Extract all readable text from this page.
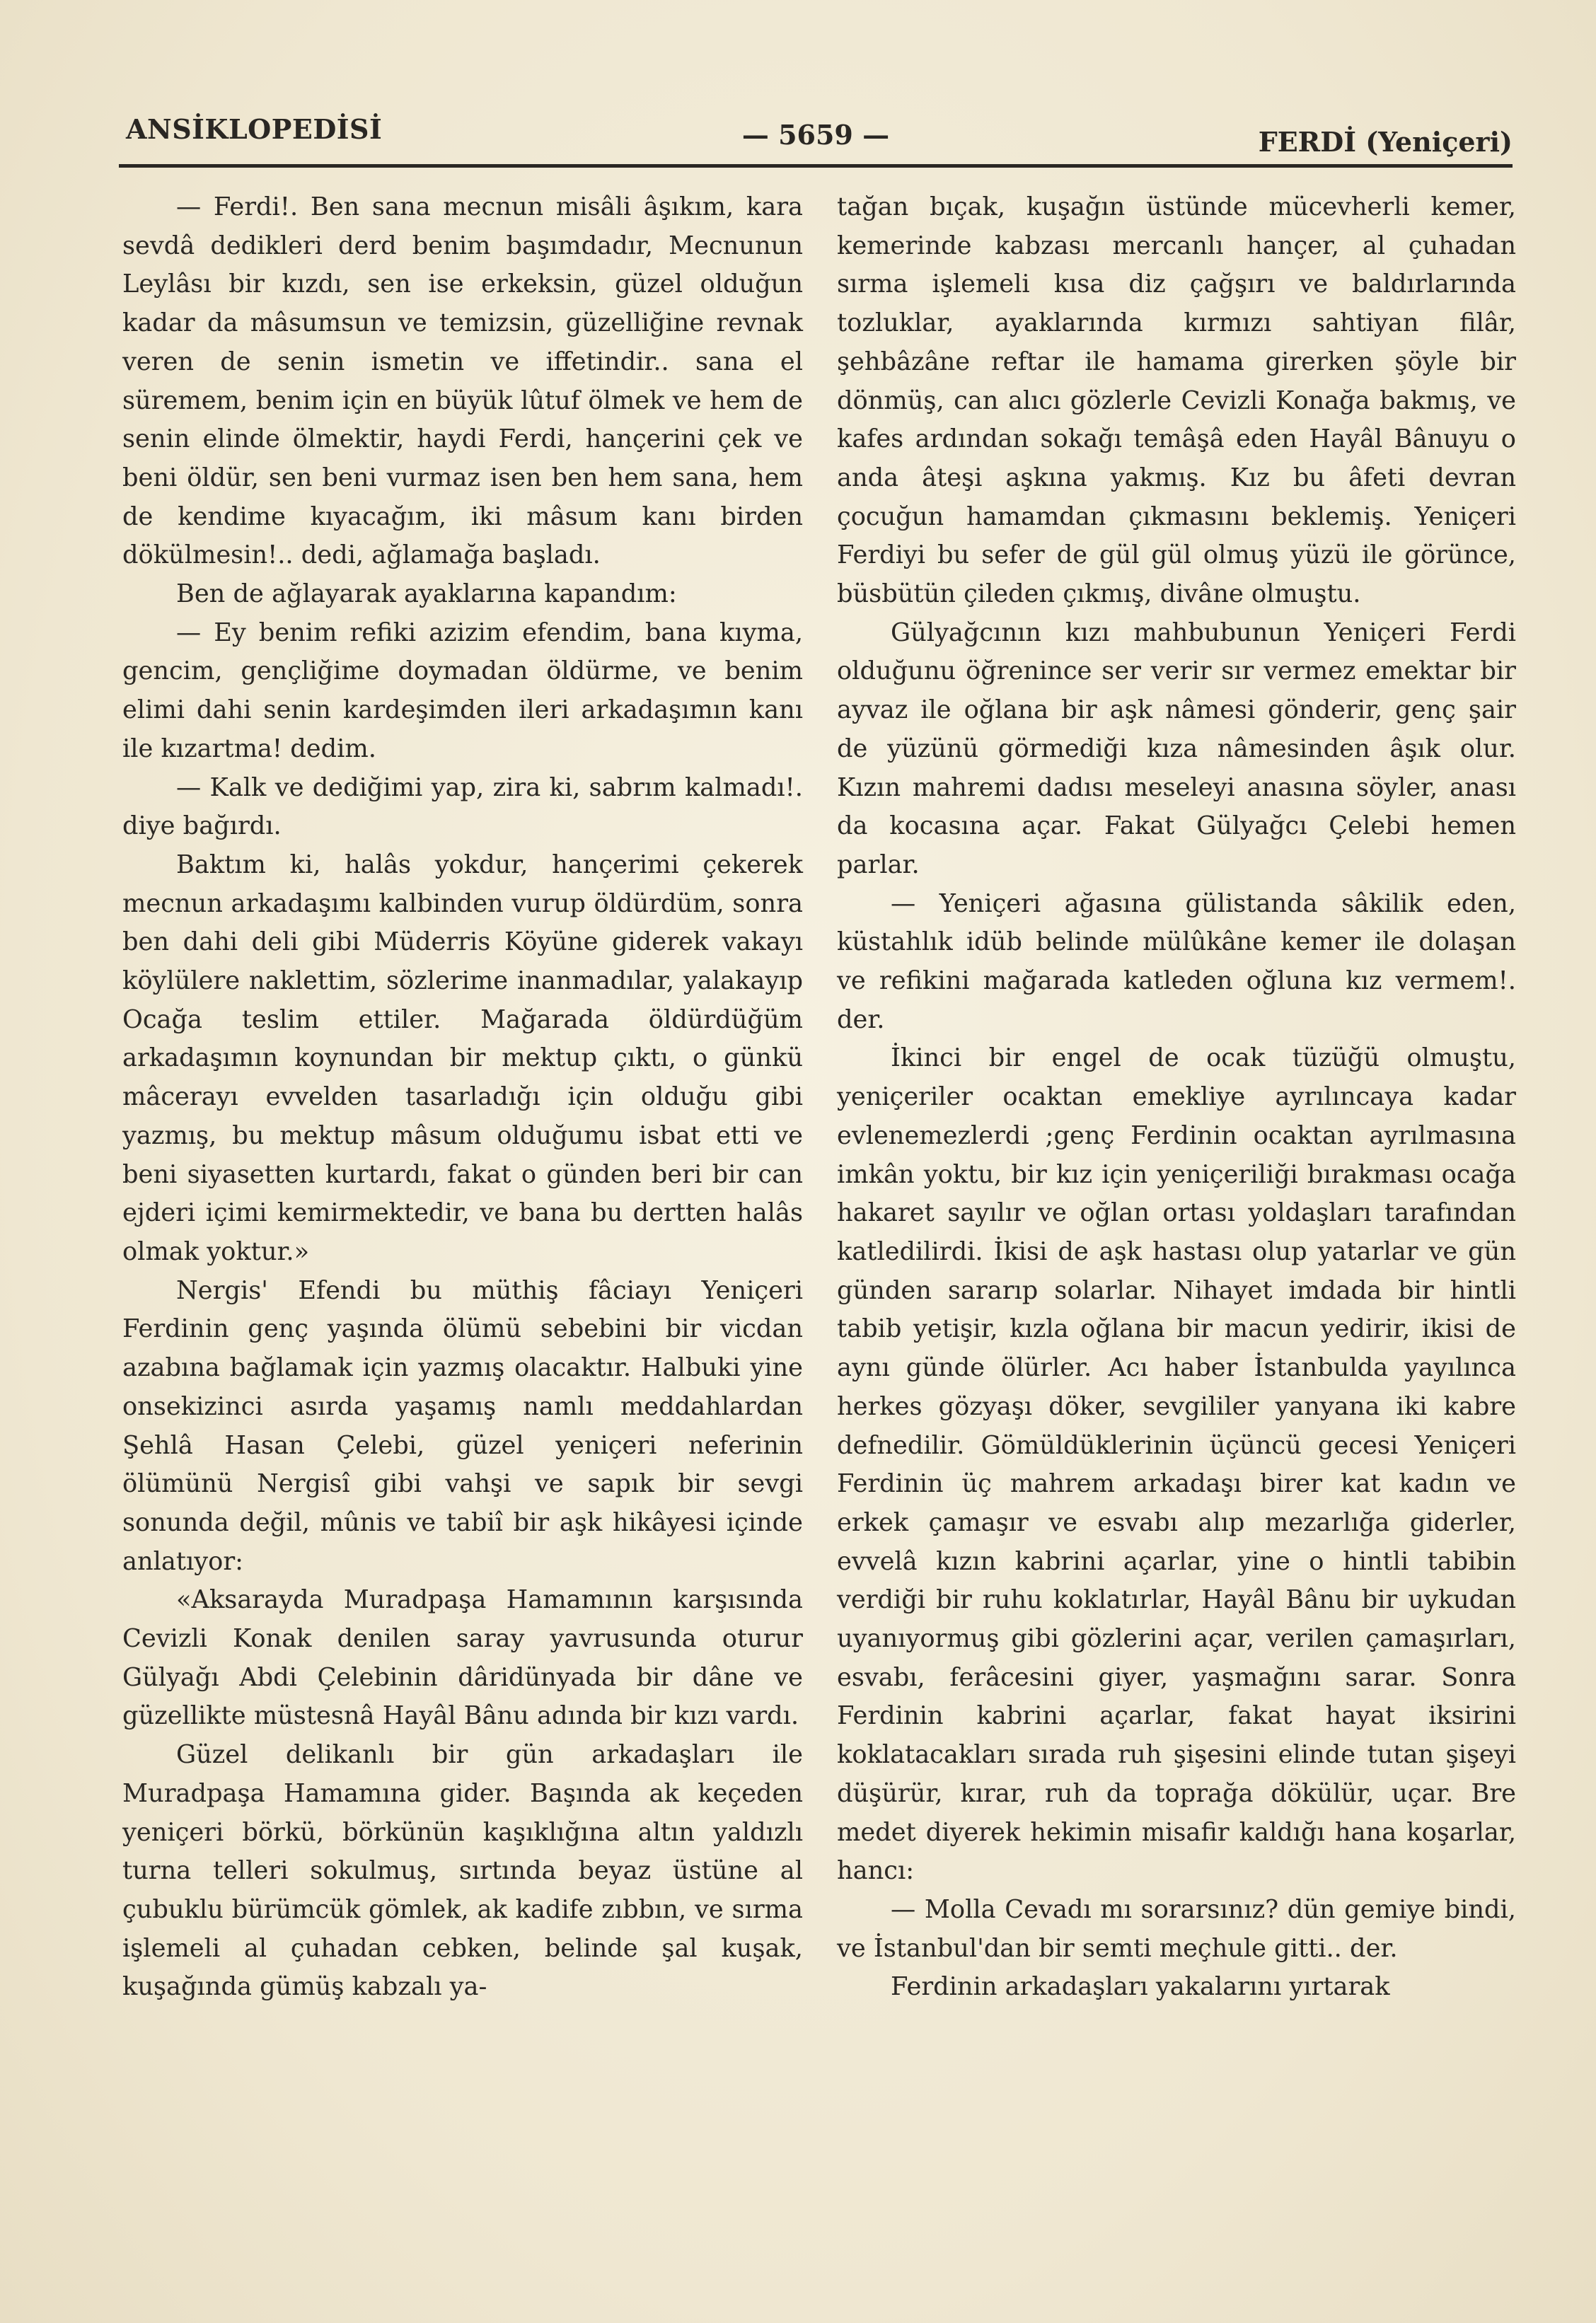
ANSİKLOPEDİSİ	— 5659 —	FERDİ (Yeniçeri)

— Ferdi!. Ben sana mecnun misâli âşıkım, kara sevdâ dedikleri derd benim başımdadır, Mecnunun Leylâsı bir kızdı, sen ise erkeksin, güzel olduğun kadar da mâsumsun ve temizsin, güzelliğine revnak veren de senin ismetin ve iffetindir.. sana el süremem, benim için en büyük lûtuf ölmek ve hem de senin elinde ölmektir, haydi Ferdi, hançerini çek ve beni öldür, sen beni vurmaz isen ben hem sana, hem de kendime kıyacağım, iki mâsum kanı birden dökülmesin!.. dedi, ağlamağa başladı.

Ben de ağlayarak ayaklarına kapandım:

— Ey benim refiki azizim efendim, bana kıyma, gencim, gençliğime doymadan öldürme, ve benim elimi dahi senin kardeşimden ileri arkadaşımın kanı ile kızartma! dedim.

— Kalk ve dediğimi yap, zira ki, sabrım kalmadı!. diye bağırdı.

Baktım ki, halâs yokdur, hançerimi çekerek mecnun arkadaşımı kalbinden vurup öldürdüm, sonra ben dahi deli gibi Müderris Köyüne giderek vakayı köylülere naklettim, sözlerime inanmadılar, yalakayıp Ocağa teslim ettiler. Mağarada öldürdüğüm arkadaşımın koynundan bir mektup çıktı, o günkü mâcerayı evvelden tasarladığı için olduğu gibi yazmış, bu mektup mâsum olduğumu isbat etti ve beni siyasetten kurtardı, fakat o günden beri bir can ejderi içimi kemirmektedir, ve bana bu dertten halâs olmak yoktur.»

Nergis' Efendi bu müthiş fâciayı Yeniçeri Ferdinin genç yaşında ölümü sebebini bir vicdan azabına bağlamak için yazmış olacaktır. Halbuki yine onsekizinci asırda yaşamış namlı meddahlardan Şehlâ Hasan Çelebi, güzel yeniçeri neferinin ölümünü Nergisî gibi vahşi ve sapık bir sevgi sonunda değil, mûnis ve tabiî bir aşk hikâyesi içinde anlatıyor:

«Aksarayda Muradpaşa Hamamının karşısında Cevizli Konak denilen saray yavrusunda oturur Gülyağı Abdi Çelebinin dâridünyada bir dâne ve güzellikte müstesnâ Hayâl Bânu adında bir kızı vardı.

Güzel delikanlı bir gün arkadaşları ile Muradpaşa Hamamına gider. Başında ak keçeden yeniçeri börkü, börkünün kaşıklığına altın yaldızlı turna telleri sokulmuş, sırtında beyaz üstüne al çubuklu bürümcük gömlek, ak kadife zıbbın, ve sırma işlemeli al çuhadan cebken, belinde şal kuşak, kuşağında gümüş kabzalı ya-

tağan bıçak, kuşağın üstünde mücevherli kemer, kemerinde kabzası mercanlı hançer, al çuhadan sırma işlemeli kısa diz çağşırı ve baldırlarında tozluklar, ayaklarında kırmızı sahtiyan filâr, şehbâzâne reftar ile hamama girerken şöyle bir dönmüş, can alıcı gözlerle Cevizli Konağa bakmış, ve kafes ardından sokağı temâşâ eden Hayâl Bânuyu o anda âteşi aşkına yakmış. Kız bu âfeti devran çocuğun hamamdan çıkmasını beklemiş. Yeniçeri Ferdiyi bu sefer de gül gül olmuş yüzü ile görünce, büsbütün çileden çıkmış, divâne olmuştu.

Gülyağcının kızı mahbubunun Yeniçeri Ferdi olduğunu öğrenince ser verir sır vermez emektar bir ayvaz ile oğlana bir aşk nâmesi gönderir, genç şair de yüzünü görmediği kıza nâmesinden âşık olur. Kızın mahremi dadısı meseleyi anasına söyler, anası da kocasına açar. Fakat Gülyağcı Çelebi hemen parlar.

— Yeniçeri ağasına gülistanda sâkilik eden, küstahlık idüb belinde mülûkâne kemer ile dolaşan ve refikini mağarada katleden oğluna kız vermem!. der.

İkinci bir engel de ocak tüzüğü olmuştu, yeniçeriler ocaktan emekliye ayrılıncaya kadar evlenemezlerdi ;genç Ferdinin ocaktan ayrılmasına imkân yoktu, bir kız için yeniçeriliği bırakması ocağa hakaret sayılır ve oğlan ortası yoldaşları tarafından katledilirdi. İkisi de aşk hastası olup yatarlar ve gün günden sararıp solarlar. Nihayet imdada bir hintli tabib yetişir, kızla oğlana bir macun yedirir, ikisi de aynı günde ölürler. Acı haber İstanbulda yayılınca herkes gözyaşı döker, sevgililer yanyana iki kabre defnedilir. Gömüldüklerinin üçüncü gecesi Yeniçeri Ferdinin üç mahrem arkadaşı birer kat kadın ve erkek çamaşır ve esvabı alıp mezarlığa giderler, evvelâ kızın kabrini açarlar, yine o hintli tabibin verdiği bir ruhu koklatırlar, Hayâl Bânu bir uykudan uyanıyormuş gibi gözlerini açar, verilen çamaşırları, esvabı, ferâcesini giyer, yaşmağını sarar. Sonra Ferdinin kabrini açarlar, fakat hayat iksirini koklatacakları sırada ruh şişesini elinde tutan şişeyi düşürür, kırar, ruh da toprağa dökülür, uçar. Bre medet diyerek hekimin misafir kaldığı hana koşarlar, hancı:

— Molla Cevadı mı sorarsınız? dün gemiye bindi, ve İstanbul'dan bir semti meçhule gitti.. der.

Ferdinin arkadaşları yakalarını yırtarak
